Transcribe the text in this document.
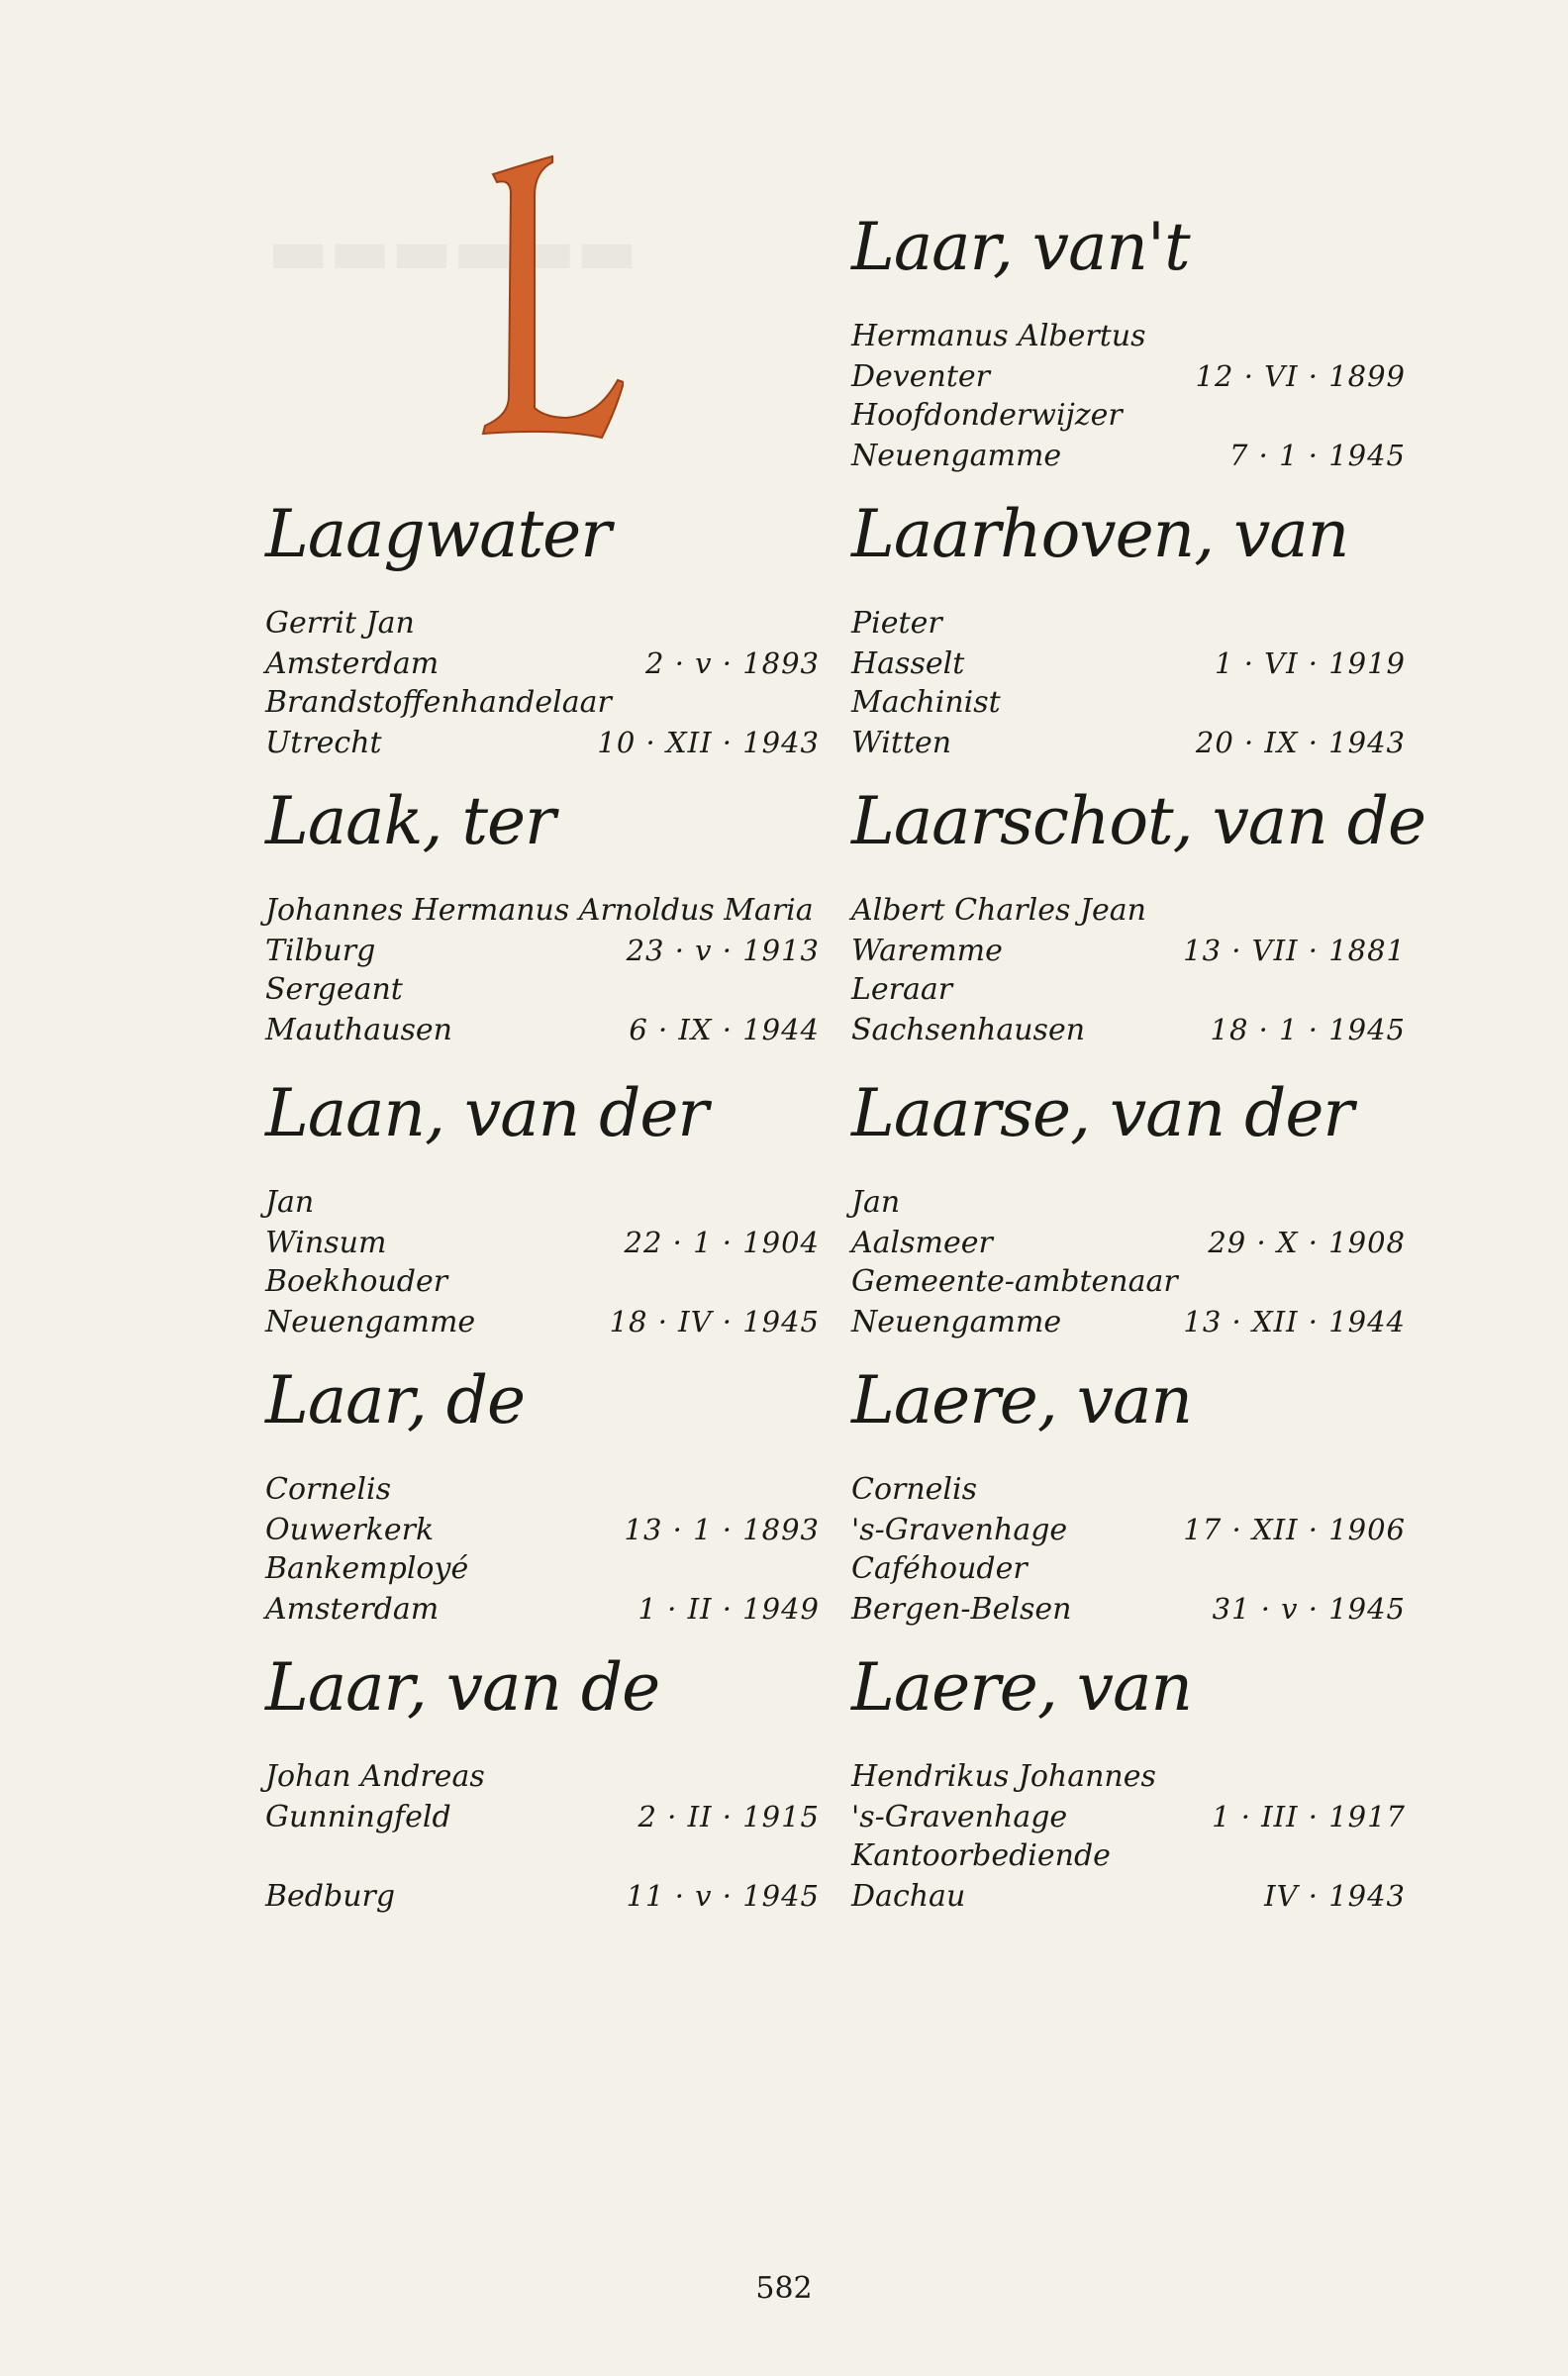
▬▬▬▬▬▬
Laagwater
Gerrit Jan
Amsterdam	2 · v · 1893
Brandstoffenhandelaar
Utrecht	10 · XII · 1943
Laak, ter
Johannes Hermanus Arnoldus Maria
Tilburg	23 · v · 1913
Sergeant
Mauthausen	6 · IX · 1944
Laan, van der
Jan
Winsum	22 · 1 · 1904
Boekhouder
Neuengamme	18 · IV · 1945
Laar, de
Cornelis
Ouwerkerk	13 · 1 · 1893
Bankemployé
Amsterdam	1 · II · 1949
Laar, van de
Johan Andreas
Gunningfeld	2 · II · 1915
Bedburg	11 · v · 1945
Laar, van't
Hermanus Albertus
Deventer	12 · VI · 1899
Hoofdonderwijzer
Neuengamme	7 · 1 · 1945
Laarhoven, van
Pieter
Hasselt	1 · VI · 1919
Machinist
Witten	20 · IX · 1943
Laarschot, van de
Albert Charles Jean
Waremme	13 · VII · 1881
Leraar
Sachsenhausen	18 · 1 · 1945
Laarse, van der
Jan
Aalsmeer	29 · X · 1908
Gemeente-ambtenaar
Neuengamme	13 · XII · 1944
Laere, van
Cornelis
's-Gravenhage	17 · XII · 1906
Caféhouder
Bergen-Belsen	31 · v · 1945
Laere, van
Hendrikus Johannes
's-Gravenhage	1 · III · 1917
Kantoorbediende
Dachau	IV · 1943
582
